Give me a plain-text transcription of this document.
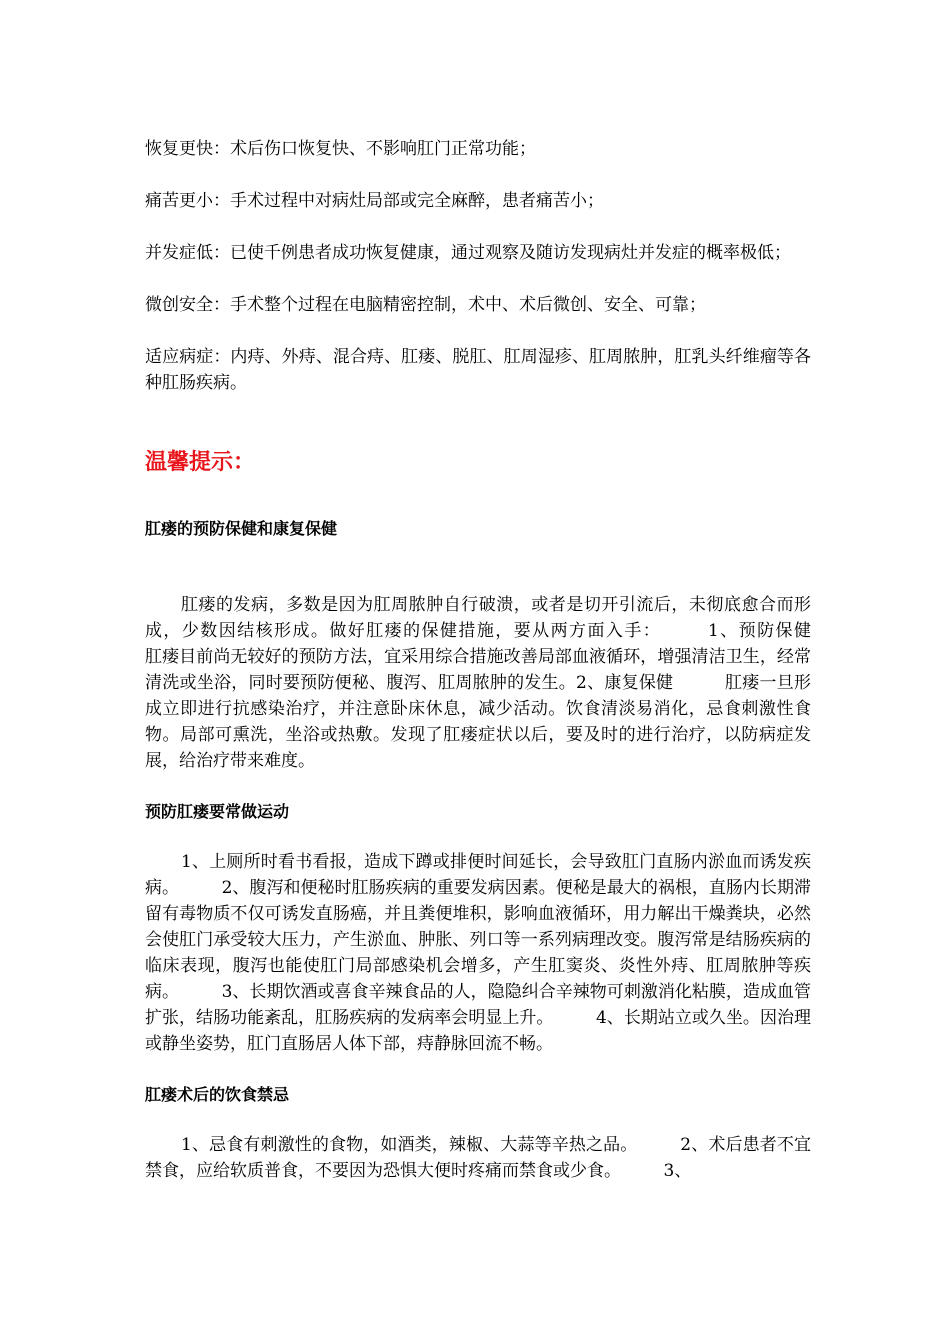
恢复更快：术后伤口恢复快、不影响肛门正常功能；

痛苦更小：手术过程中对病灶局部或完全麻醉，患者痛苦小；

并发症低：已使千例患者成功恢复健康，通过观察及随访发现病灶并发症的概率极低；

微创安全：手术整个过程在电脑精密控制，术中、术后微创、安全、可靠；

适应病症：内痔、外痔、混合痔、肛瘘、脱肛、肛周湿疹、肛周脓肿，肛乳头纤维瘤等各种肛肠疾病。

温馨提示：
肛瘘的预防保健和康复保健

肛瘘的发病，多数是因为肛周脓肿自行破溃，或者是切开引流后，未彻底愈合而形成，少数因结核形成。做好肛瘘的保健措施，要从两方面入手：　　　1、预防保健　　 肛瘘目前尚无较好的预防方法，宜采用综合措施改善局部血液循环，增强清洁卫生，经常清洗或坐浴，同时要预防便秘、腹泻、肛周脓肿的发生。2、康复保健　　　肛瘘一旦形成立即进行抗感染治疗，并注意卧床休息，减少活动。饮食清淡易消化，忌食刺激性食物。局部可熏洗，坐浴或热敷。发现了肛瘘症状以后，要及时的进行治疗，以防病症发展，给治疗带来难度。

预防肛瘘要常做运动

1、上厕所时看书看报，造成下蹲或排便时间延长，会导致肛门直肠内淤血而诱发疾病。　　　2、腹泻和便秘时肛肠疾病的重要发病因素。便秘是最大的祸根，直肠内长期滞留有毒物质不仅可诱发直肠癌，并且粪便堆积，影响血液循环，用力解出干燥粪块，必然会使肛门承受较大压力，产生淤血、肿胀、列口等一系列病理改变。腹泻常是结肠疾病的临床表现，腹泻也能使肛门局部感染机会增多，产生肛窦炎、炎性外痔、肛周脓肿等疾病。　　　3、长期饮酒或喜食辛辣食品的人，隐隐纠合辛辣物可刺激消化粘膜，造成血管扩张，结肠功能紊乱，肛肠疾病的发病率会明显上升。　　　4、长期站立或久坐。因治理或静坐姿势，肛门直肠居人体下部，痔静脉回流不畅。

肛瘘术后的饮食禁忌

1、忌食有刺激性的食物，如酒类，辣椒、大蒜等辛热之品。　　　2、术后患者不宜禁食，应给软质普食，不要因为恐惧大便时疼痛而禁食或少食。　　　3、
